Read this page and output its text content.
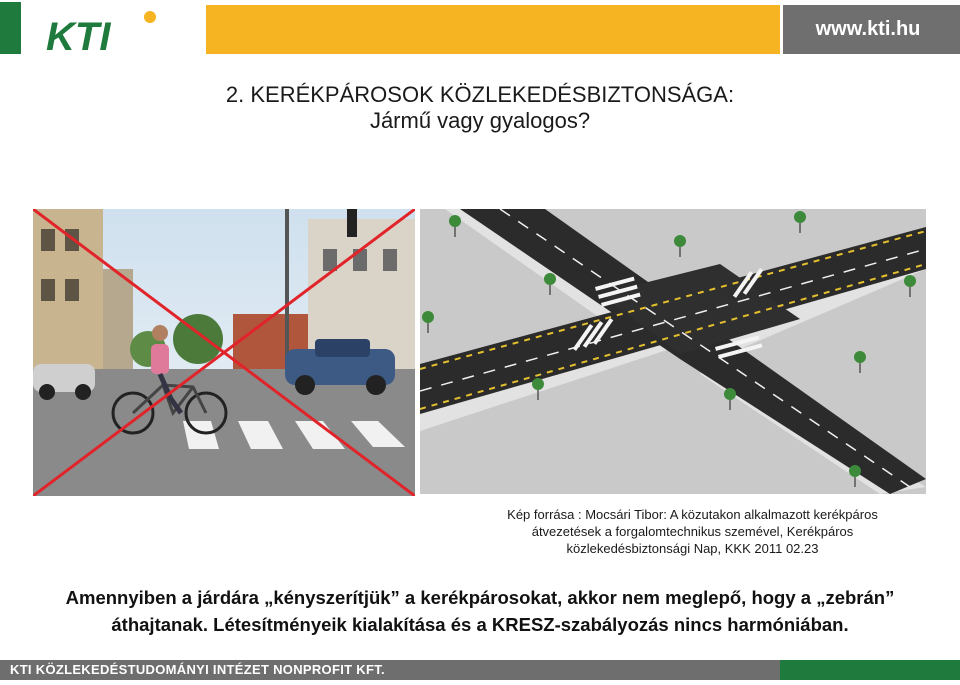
KTI	www.kti.hu
2. KERÉKPÁROSOK KÖZLEKEDÉSBIZTONSÁGA:
Jármű vagy gyalogos?
Kép forrása : Mocsári Tibor: A közutakon alkalmazott kerékpáros
átvezetések a forgalomtechnikus szemével, Kerékpáros
közlekedésbiztonsági Nap, KKK 2011 02.23
Amennyiben a járdára „kényszerítjük” a kerékpárosokat, akkor nem meglepő, hogy a „zebrán”
áthajtanak. Létesítményeik kialakítása és a KRESZ-szabályozás nincs harmóniában.
KTI KÖZLEKEDÉSTUDOMÁNYI INTÉZET NONPROFIT KFT.
